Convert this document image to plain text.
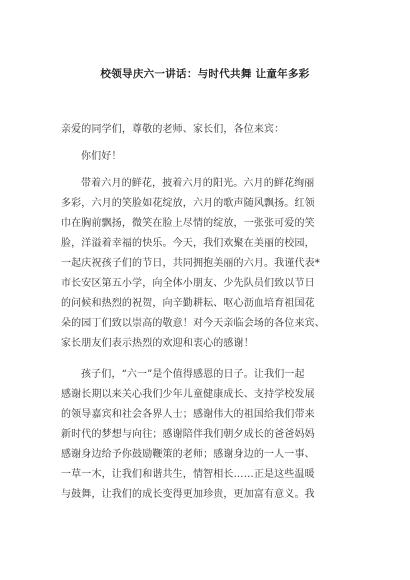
校领导庆六一讲话：与时代共舞 让童年多彩
亲爱的同学们，尊敬的老师、家长们，各位来宾：
你们好！
带着六月的鲜花，披着六月的阳光。六月的鲜花绚丽
多彩，六月的笑脸如花绽放，六月的歌声随风飘扬。红领
巾在胸前飘扬，微笑在脸上尽情的绽放，一张张可爱的笑
脸，洋溢着幸福的快乐。今天，我们欢聚在美丽的校园，
一起庆祝孩子们的节日，共同拥抱美丽的六月。我谨代表*
市长安区第五小学，向全体小朋友、少先队员们致以节日
的问候和热烈的祝贺，向辛勤耕耘、呕心沥血培育祖国花
朵的园丁们致以崇高的敬意！对今天亲临会场的各位来宾、
家长朋友们表示热烈的欢迎和衷心的感谢！
孩子们，“六一”是个值得感恩的日子。让我们一起
感谢长期以来关心我们少年儿童健康成长、支持学校发展
的领导嘉宾和社会各界人士；感谢伟大的祖国给我们带来
新时代的梦想与向往；感谢陪伴我们朝夕成长的爸爸妈妈
感谢身边给予你鼓励鞭策的老师；感谢身边的一人一事、
一草一木，让我们和谐共生，情智相长……正是这些温暖
与鼓舞，让我们的成长变得更加珍贵，更加富有意义。我
